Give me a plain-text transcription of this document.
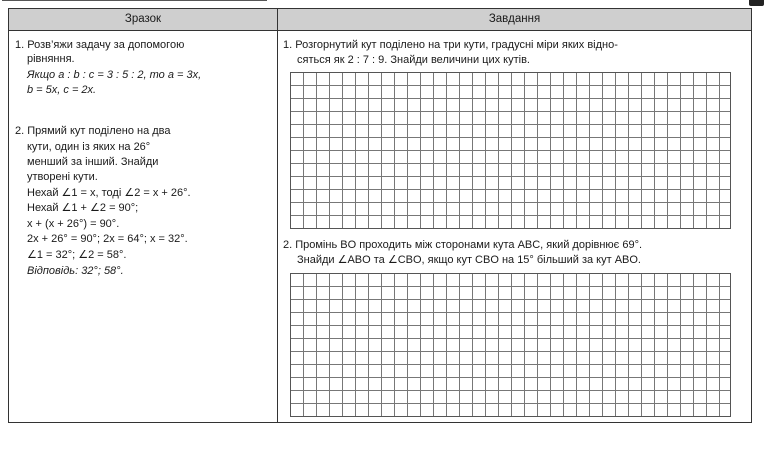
Зразок	Завдання
1. Розв’яжи задачу за допомогою
рівняння.
Якщо a : b : c = 3 : 5 : 2, то a = 3x,
b = 5x, c = 2x.
2. Прямий кут поділено на два
кути, один із яких на 26°
менший за інший. Знайди
утворені кути.
Нехай ∠1 = x, тоді ∠2 = x + 26°.
Нехай ∠1 + ∠2 = 90°;
x + (x + 26°) = 90°.
2x + 26° = 90°; 2x = 64°; x = 32°.
∠1 = 32°; ∠2 = 58°.
Відповідь: 32°; 58°.
1. Розгорнутий кут поділено на три кути, градусні міри яких відно-
сяться як 2 : 7 : 9. Знайди величини цих кутів.
2. Промінь BO проходить між сторонами кута ABC, який дорівнює 69°.
Знайди ∠ABO та ∠CBO, якщо кут CBO на 15° більший за кут ABO.
